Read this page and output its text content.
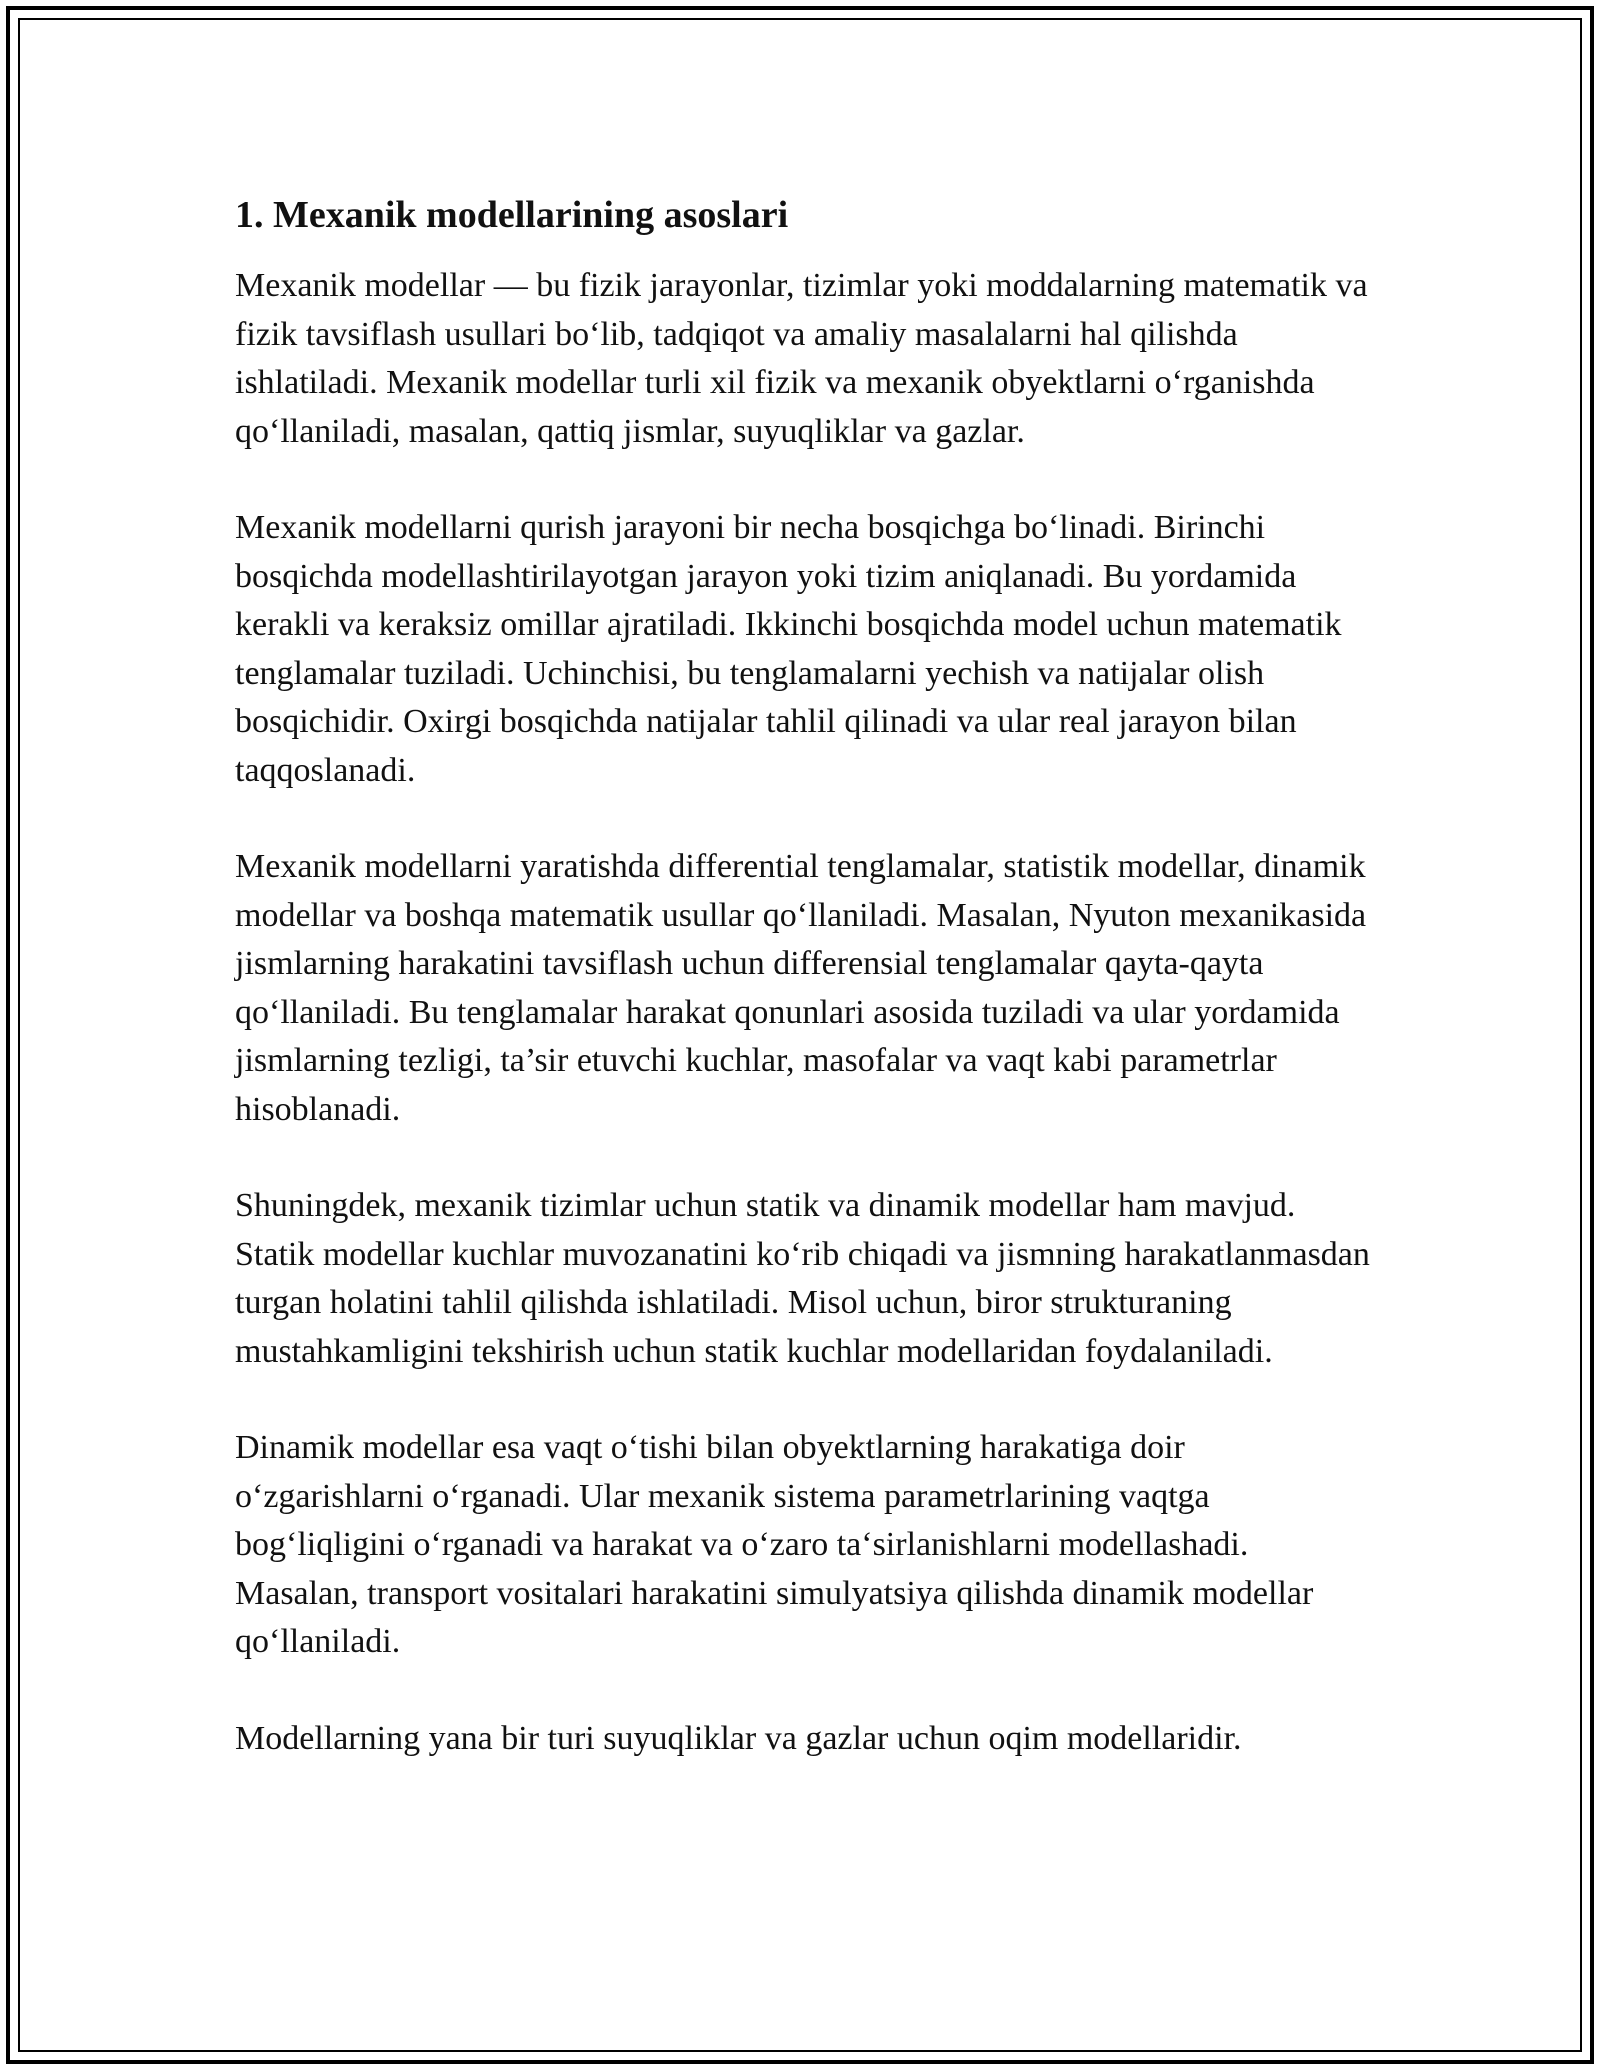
1. Mexanik modellarining asoslari

Mexanik modellar — bu fizik jarayonlar, tizimlar yoki moddalarning matematik va fizik tavsiflash usullari bo‘lib, tadqiqot va amaliy masalalarni hal qilishda ishlatiladi. Mexanik modellar turli xil fizik va mexanik obyektlarni o‘rganishda qo‘llaniladi, masalan, qattiq jismlar, suyuqliklar va gazlar.

Mexanik modellarni qurish jarayoni bir necha bosqichga bo‘linadi. Birinchi bosqichda modellashtirilayotgan jarayon yoki tizim aniqlanadi. Bu yordamida kerakli va keraksiz omillar ajratiladi. Ikkinchi bosqichda model uchun matematik tenglamalar tuziladi. Uchinchisi, bu tenglamalarni yechish va natijalar olish bosqichidir. Oxirgi bosqichda natijalar tahlil qilinadi va ular real jarayon bilan taqqoslanadi.

Mexanik modellarni yaratishda differential tenglamalar, statistik modellar, dinamik modellar va boshqa matematik usullar qo‘llaniladi. Masalan, Nyuton mexanikasida jismlarning harakatini tavsiflash uchun differensial tenglamalar qayta-qayta qo‘llaniladi. Bu tenglamalar harakat qonunlari asosida tuziladi va ular yordamida jismlarning tezligi, ta’sir etuvchi kuchlar, masofalar va vaqt kabi parametrlar hisoblanadi.

Shuningdek, mexanik tizimlar uchun statik va dinamik modellar ham mavjud. Statik modellar kuchlar muvozanatini ko‘rib chiqadi va jismning harakatlanmasdan turgan holatini tahlil qilishda ishlatiladi. Misol uchun, biror strukturaning mustahkamligini tekshirish uchun statik kuchlar modellaridan foydalaniladi.

Dinamik modellar esa vaqt o‘tishi bilan obyektlarning harakatiga doir o‘zgarishlarni o‘rganadi. Ular mexanik sistema parametrlarining vaqtga bog‘liqligini o‘rganadi va harakat va o‘zaro ta‘sirlanishlarni modellashadi. Masalan, transport vositalari harakatini simulyatsiya qilishda dinamik modellar qo‘llaniladi.

Modellarning yana bir turi suyuqliklar va gazlar uchun oqim modellaridir.
